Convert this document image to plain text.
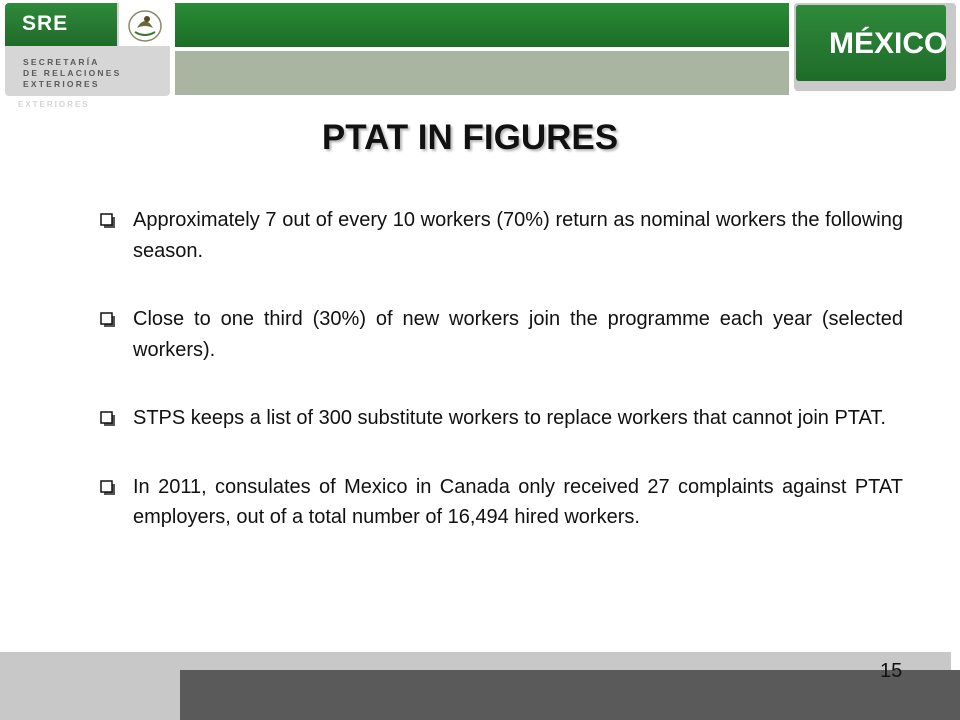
SRE
SECRETARÍA
DE RELACIONES
EXTERIORES
EXTERIORES
MÉXICO
PTAT IN FIGURES
Approximately 7 out of every 10 workers (70%) return as nominal workers the following season.
Close to one third (30%) of new workers join the programme each year (selected workers).
STPS keeps a list of 300 substitute workers to replace workers that cannot join PTAT.
In 2011, consulates of Mexico in Canada only received 27 complaints against PTAT employers, out of a total number of 16,494 hired workers.
15
